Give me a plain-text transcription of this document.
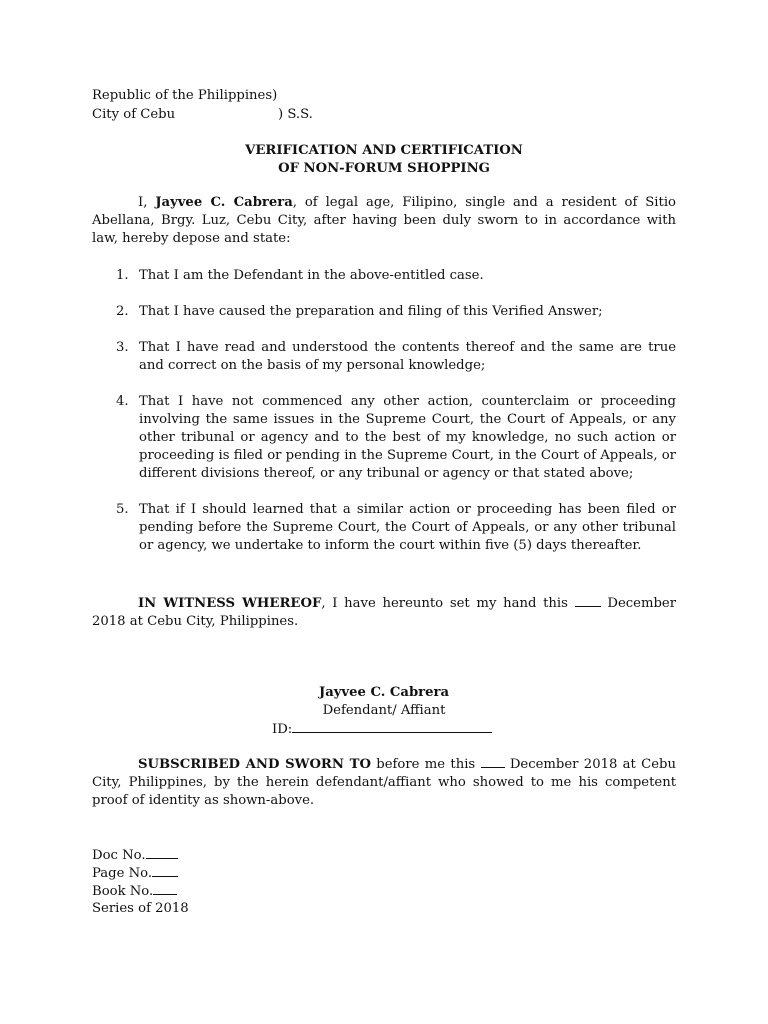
Republic of the Philippines)
City of Cebu	) S.S.
VERIFICATION AND CERTIFICATION
OF NON-FORUM SHOPPING
I, Jayvee C. Cabrera, of legal age, Filipino, single and a resident of Sitio Abellana, Brgy. Luz, Cebu City, after having been duly sworn to in accordance with law, hereby depose and state:
1. That I am the Defendant in the above-entitled case.
2. That I have caused the preparation and filing of this Verified Answer;
3. That I have read and understood the contents thereof and the same are true and correct on the basis of my personal knowledge;
4. That I have not commenced any other action, counterclaim or proceeding involving the same issues in the Supreme Court, the Court of Appeals, or any other tribunal or agency and to the best of my knowledge, no such action or proceeding is filed or pending in the Supreme Court, in the Court of Appeals, or different divisions thereof, or any tribunal or agency or that stated above;
5. That if I should learned that a similar action or proceeding has been filed or pending before the Supreme Court, the Court of Appeals, or any other tribunal or agency, we undertake to inform the court within five (5) days thereafter.
IN WITNESS WHEREOF, I have hereunto set my hand this	December 2018 at Cebu City, Philippines.
Jayvee C. Cabrera
Defendant/ Affiant
ID:
SUBSCRIBED AND SWORN TO before me this	December 2018 at Cebu City, Philippines, by the herein defendant/affiant who showed to me his competent proof of identity as shown-above.
Doc No.
Page No.
Book No.
Series of 2018
